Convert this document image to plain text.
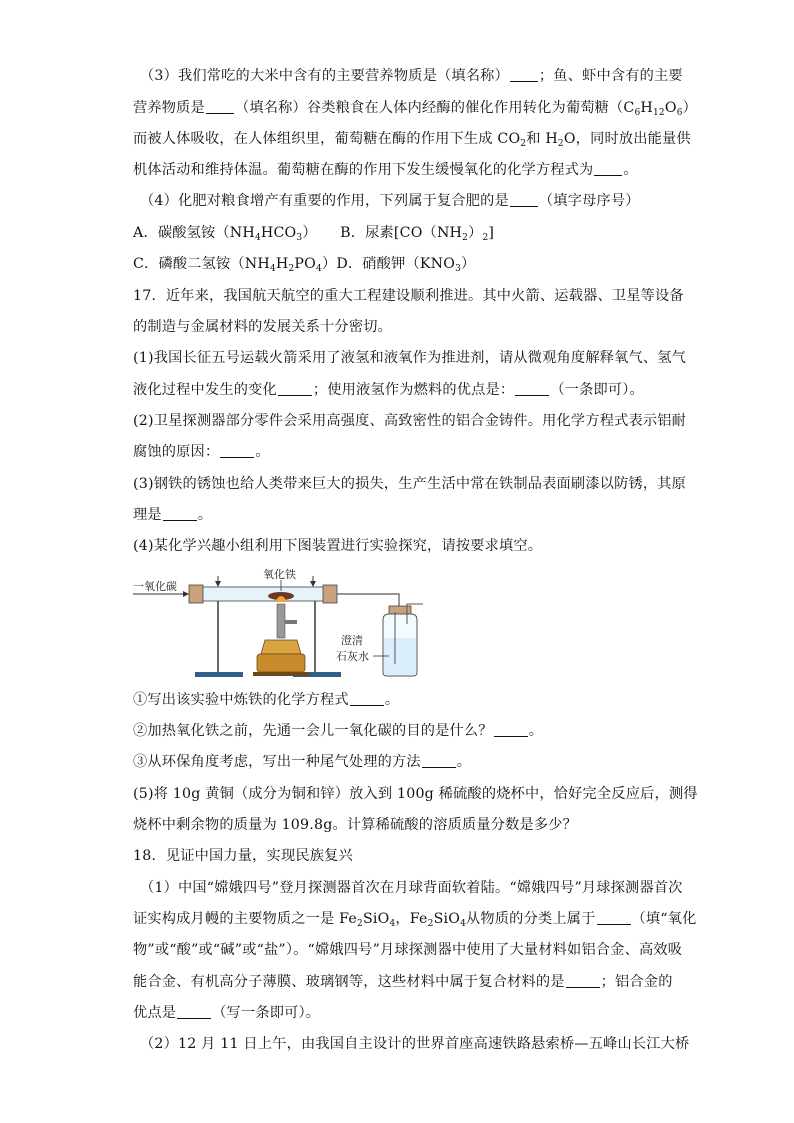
（3）我们常吃的大米中含有的主要营养物质是（填名称） ；鱼、虾中含有的主要
营养物质是 （填名称）谷类粮食在人体内经酶的催化作用转化为葡萄糖$(C_6H_{12}O_6)$
而被人体吸收，在人体组织里，葡萄糖在酶的作用下生成 $CO_2$和 $H_2O$，同时放出能量供
机体活动和维持体温。葡萄糖在酶的作用下发生缓慢氧化的化学方程式为 。
（4）化肥对粮食增产有重要的作用，下列属于复合肥的是 （填字母序号）
A．碳酸氢铵$(NH_4HCO_3)$ B．尿素$[CO(NH_2)_2]$
C．磷酸二氢铵$(NH_4H_2PO_4)D$．硝酸钾$(KNO_3)$
17．近年来，我国航天航空的重大工程建设顺利推进。其中火箭、运载器、卫星等设备
的制造与金属材料的发展关系十分密切。
(1)我国长征五号运载火箭采用了液氢和液氧作为推进剂，请从微观角度解释氧气、氢气
液化过程中发生的变化	；使用液氢作为燃料的优点是：	（一条即可）。
(2)卫星探测器部分零件会采用高强度、高致密性的铝合金铸件。用化学方程式表示铝耐
腐蚀的原因：	。
(3)钢铁的锈蚀也给人类带来巨大的损失，生产生活中常在铁制品表面刷漆以防锈，其原
理是	。
(4)某化学兴趣小组利用下图装置进行实验探究，请按要求填空。
一氧化碳
氧化铁
澄清
石灰水
①写出该实验中炼铁的化学方程式	。
②加热氧化铁之前，先通一会儿一氧化碳的目的是什么？	。
③从环保角度考虑，写出一种尾气处理的方法	。
(5)将 10g 黄铜（成分为铜和锌）放入到 100g 稀硫酸的烧杯中，恰好完全反应后，测得
烧杯中剩余物的质量为 109.8g。计算稀硫酸的溶质质量分数是多少？
18．见证中国力量，实现民族复兴
（1）中国“嫦娥四号”登月探测器首次在月球背面软着陆。“嫦娥四号”月球探测器首次
证实构成月幔的主要物质之一是 $Fe_2SiO_4$，$Fe_2SiO_4$从物质的分类上属于	（填“氧化
物”或“酸”或“碱”或“盐”）。“嫦娥四号”月球探测器中使用了大量材料如铝合金、高效吸
能合金、有机高分子薄膜、玻璃钢等，这些材料中属于复合材料的是	；铝合金的
优点是	（写一条即可）。
（2）12 月 11 日上午，由我国自主设计的世界首座高速铁路悬索桥—五峰山长江大桥
